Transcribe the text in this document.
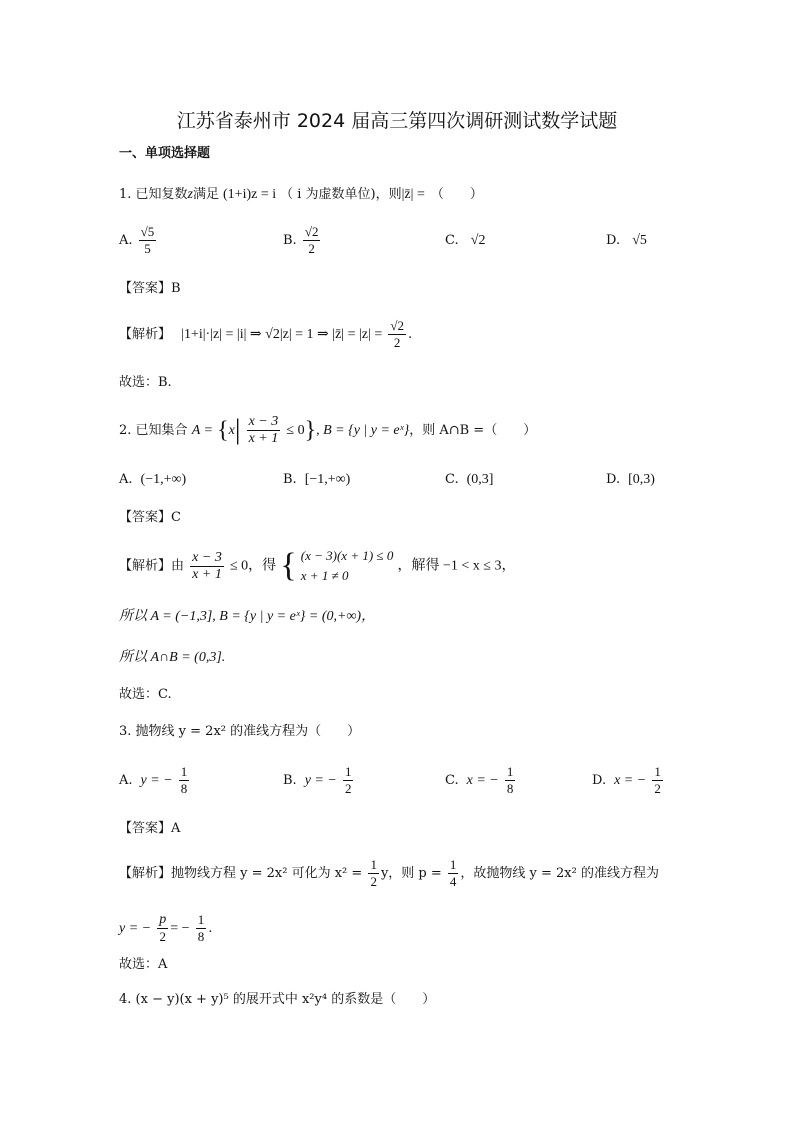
江苏省泰州市 2024 届高三第四次调研测试数学试题
一、单项选择题
1. 已知复数z满足 (1+i)z = i （ i 为虚数单位)，则|z̄| = （　　）
A. $\frac{√5}{5}$	B. $\frac{√2}{2}$	C. √2	D. √5
【答案】B
【解析】 |1+i|·|z| = |i| ⇒ √2|z| = 1 ⇒ |z̄| = $|z| = \frac{√2}{2}$ .
故选：B.
2. 已知集合 $A = \{x| \frac{x - 3}{x + 1} \le 0\}$, B = {y | y = eˣ}，则 A∩B =（　　）
A. (−1,+∞)	B. [−1,+∞)	C. (0,3]	D. [0,3)
【答案】C
【解析】由 $\frac{x - 3}{x + 1} \le 0$，得 { (x − 3)(x + 1) ≤ 0
x + 1 ≠ 0
，解得 −1 < x ≤ 3，
所以 A = (−1,3], B = {y | y = eˣ} = (0,+∞)，
所以 A∩B = (0,3].
故选：C.
3. 抛物线 y = 2x² 的准线方程为（　　）
A. y = − $\frac{1}{8}$	B. y = − $\frac{1}{2}$	C. x = − $\frac{1}{8}$	D. x = − $\frac{1}{2}$
【答案】A
【解析】抛物线方程 y = 2x² 可化为 $x^2 = \frac{1}{2}$ y，则 $p = \frac{1}{4}$ ，故抛物线 y = 2x² 的准线方程为
y = − $\frac{p}{2}$ = − $\frac{1}{8}$ .
故选：A
4. (x − y)(x + y)⁵ 的展开式中 x²y⁴ 的系数是（　　）
